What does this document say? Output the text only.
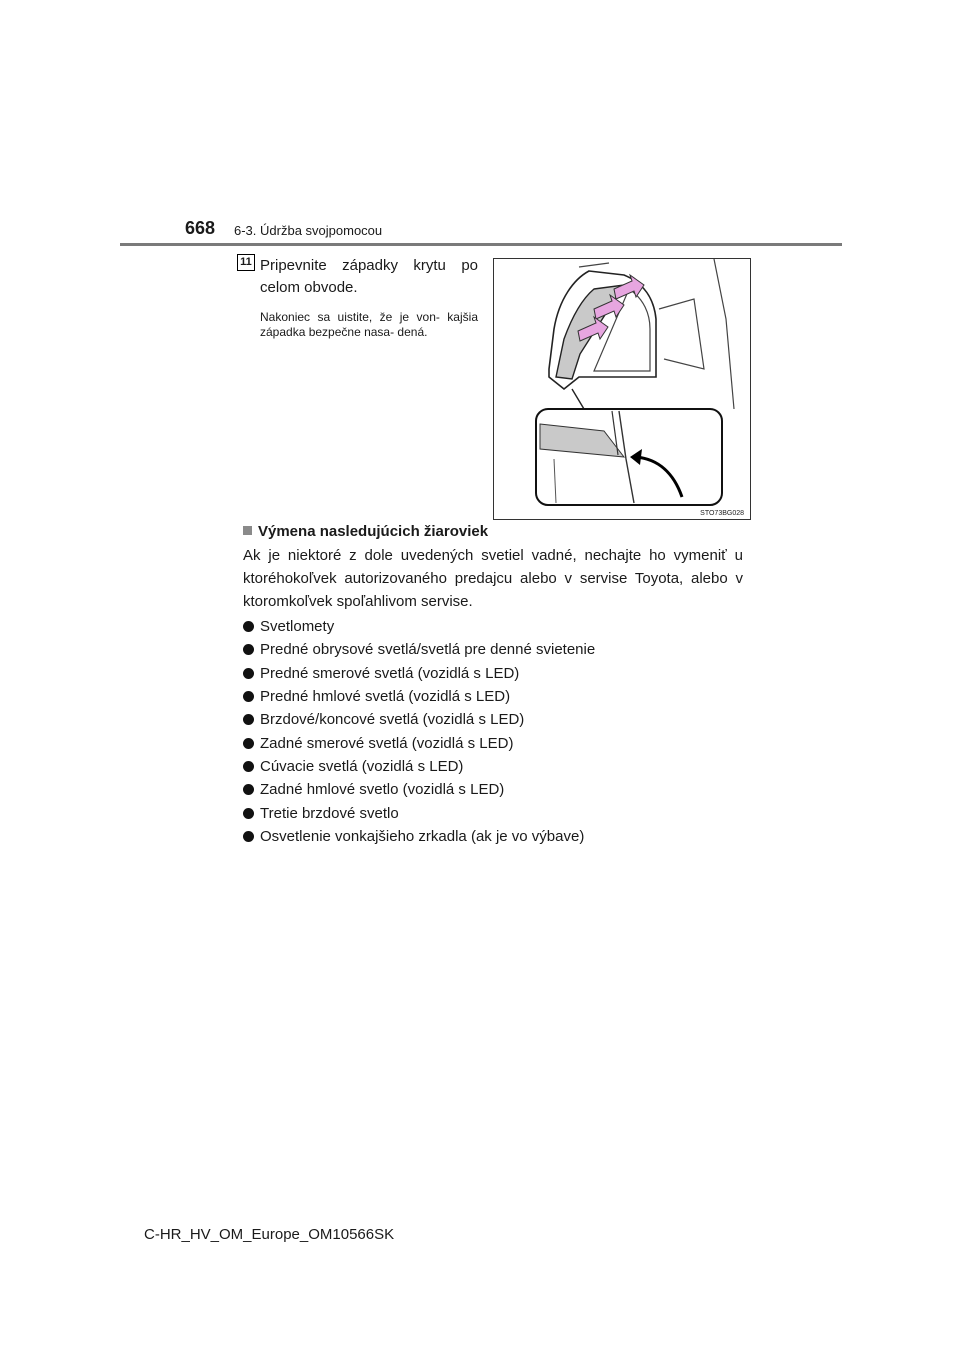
668 6-3. Údržba svojpomocou
11 Pripevnite západky krytu po celom obvode.
Nakoniec sa uistite, že je von- kajšia západka bezpečne nasa- dená.
STO73BG028
Výmena nasledujúcich žiaroviek
Ak je niektoré z dole uvedených svetiel vadné, nechajte ho vymeniť u ktoréhokoľvek autorizovaného predajcu alebo v servise Toyota, alebo v ktoromkoľvek spoľahlivom servise.
Svetlomety
Predné obrysové svetlá/svetlá pre denné svietenie
Predné smerové svetlá (vozidlá s LED)
Predné hmlové svetlá (vozidlá s LED)
Brzdové/koncové svetlá (vozidlá s LED)
Zadné smerové svetlá (vozidlá s LED)
Cúvacie svetlá (vozidlá s LED)
Zadné hmlové svetlo (vozidlá s LED)
Tretie brzdové svetlo
Osvetlenie vonkajšieho zrkadla (ak je vo výbave)
C-HR_HV_OM_Europe_OM10566SK
